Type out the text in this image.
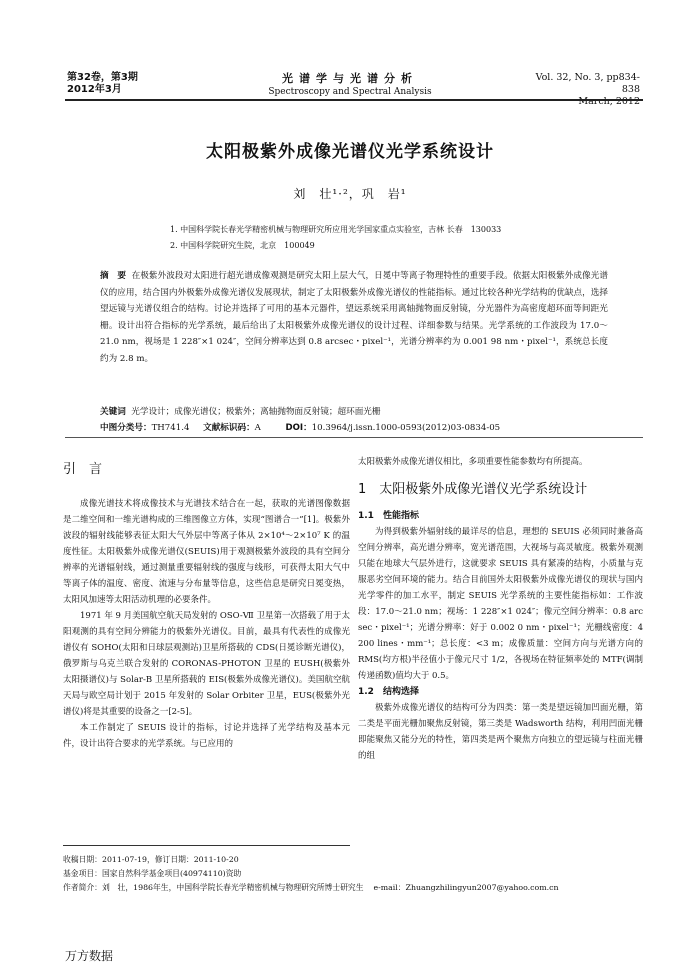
第32卷，第3期
2012年3月
光谱学与光谱分析
Spectroscopy and Spectral Analysis
Vol. 32, No. 3, pp834-838
March, 2012
太阳极紫外成像光谱仪光学系统设计
刘　壮¹·²，巩　岩¹
1. 中国科学院长春光学精密机械与物理研究所应用光学国家重点实验室，吉林 长春　130033
2. 中国科学院研究生院，北京　100049
摘　要 在极紫外波段对太阳进行超光谱成像观测是研究太阳上层大气，日冕中等离子物理特性的重要手段。依据太阳极紫外成像光谱仪的应用，结合国内外极紫外成像光谱仪发展现状，制定了太阳极紫外成像光谱仪的性能指标。通过比较各种光学结构的优缺点，选择望远镜与光谱仪组合的结构。讨论并选择了可用的基本元器件，望远系统采用离轴抛物面反射镜，分光器件为高密度超环面等间距光栅。设计出符合指标的光学系统，最后给出了太阳极紫外成像光谱仪的设计过程、详细参数与结果。光学系统的工作波段为 17.0～21.0 nm，视场是 1 228″×1 024″，空间分辨率达到 0.8 arcsec・pixel⁻¹，光谱分辨率约为 0.001 98 nm・pixel⁻¹，系统总长度约为 2.8 m。
关键词 光学设计；成像光谱仪；极紫外；离轴抛物面反射镜；超环面光栅
中图分类号：TH741.4 文献标识码：A	DOI：10.3964/j.issn.1000-0593(2012)03-0834-05
引　言

成像光谱技术将成像技术与光谱技术结合在一起，获取的光谱图像数据是二维空间和一维光谱构成的三维图像立方体，实现“图谱合一”[1]。极紫外波段的辐射线能够表征太阳大气外层中等离子体从 2×10⁴～2×10⁷ K 的温度性征。太阳极紫外成像光谱仪(SEUIS)用于观测极紫外波段的具有空间分辨率的光谱辐射线，通过测量重要辐射线的强度与线形，可获得太阳大气中等离子体的温度、密度、流速与分布量等信息，这些信息是研究日冕变热，太阳风加速等太阳活动机理的必要条件。

1971 年 9 月美国航空航天局发射的 OSO-Ⅶ 卫星第一次搭载了用于太阳观测的具有空间分辨能力的极紫外光谱仪。目前，最具有代表性的成像光谱仪有 SOHO(太阳和日球层观测站)卫星所搭载的 CDS(日冕诊断光谱仪)，俄罗斯与乌克兰联合发射的 CORONAS-PHOTON 卫星的 EUSH(极紫外太阳摄谱仪)与 Solar-B 卫星所搭载的 EIS(极紫外成像光谱仪)。美国航空航天局与欧空局计划于 2015 年发射的 Solar Orbiter 卫星，EUS(极紫外光谱仪)将是其重要的设备之一[2-5]。

本工作制定了 SEUIS 设计的指标，讨论并选择了光学结构及基本元件，设计出符合要求的光学系统。与已应用的

太阳极紫外成像光谱仪相比，多项重要性能参数均有所提高。

1　太阳极紫外成像光谱仪光学系统设计
1.1　性能指标

为得到极紫外辐射线的最详尽的信息，理想的 SEUIS 必须同时兼备高空间分辨率，高光谱分辨率，宽光谱范围，大视场与高灵敏度。极紫外观测只能在地球大气层外进行，这就要求 SEUIS 具有紧凑的结构，小质量与克服恶劣空间环境的能力。结合目前国外太阳极紫外成像光谱仪的现状与国内光学零件的加工水平，制定 SEUIS 光学系统的主要性能指标如：工作波段：17.0～21.0 nm；视场：1 228″×1 024″；像元空间分辨率：0.8 arc sec・pixel⁻¹；光谱分辨率：好于 0.002 0 nm・pixel⁻¹；光栅线密度：4 200 lines・mm⁻¹；总长度：<3 m；成像质量：空间方向与光谱方向的 RMS(均方根)半径值小于像元尺寸 1/2，各视场在特征频率处的 MTF(调制传递函数)值均大于 0.5。

1.2　结构选择

极紫外成像光谱仪的结构可分为四类：第一类是望远镜加凹面光栅，第二类是平面光栅加聚焦反射镜，第三类是 Wadsworth 结构，利用凹面光栅即能聚焦又能分光的特性，第四类是两个聚焦方向独立的望远镜与柱面光栅的组

收稿日期：2011-07-19，修订日期：2011-10-20
基金项目：国家自然科学基金项目(40974110)资助
作者简介：刘　壮，1986年生，中国科学院长春光学精密机械与物理研究所博士研究生 e-mail：Zhuangzhilingyun2007@yahoo.com.cn
万方数据
